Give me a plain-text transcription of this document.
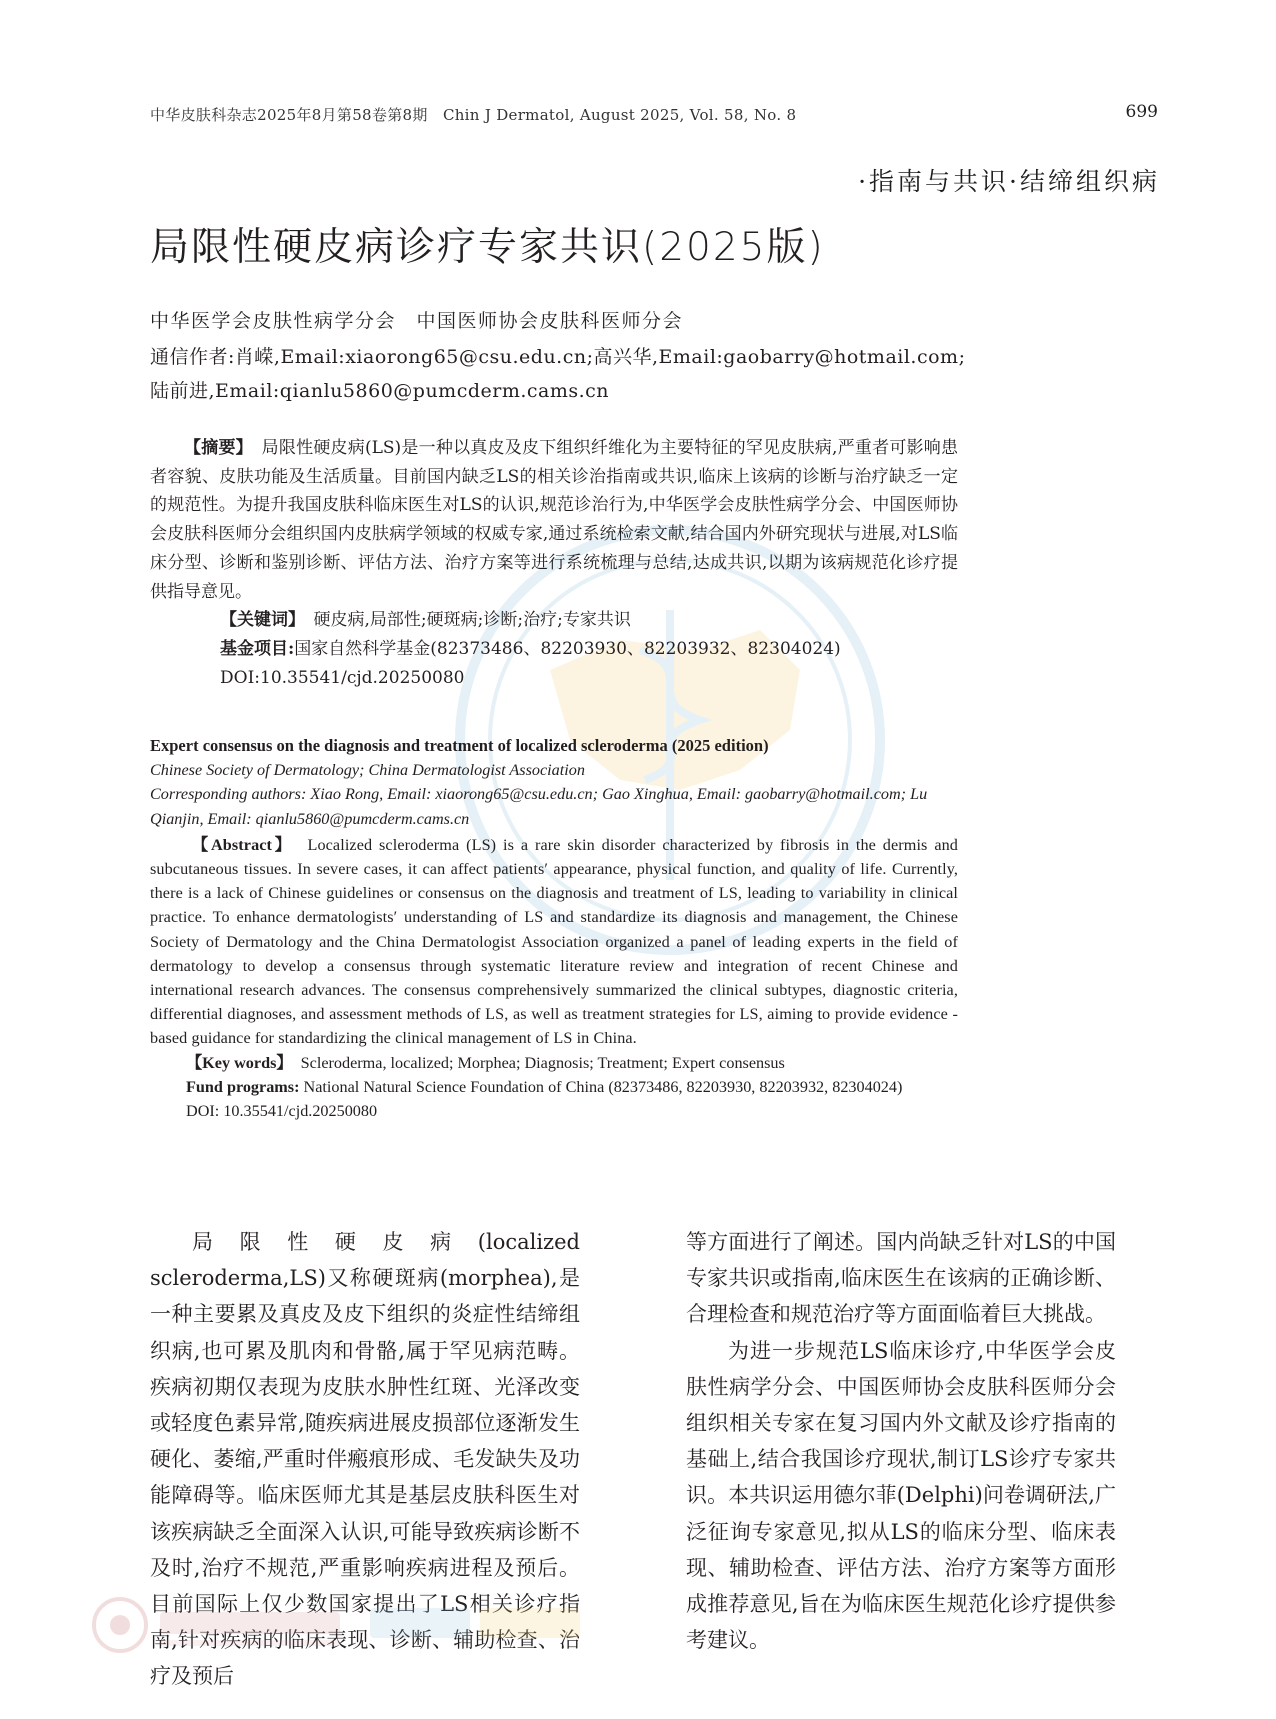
中华皮肤科杂志2025年8月第58卷第8期　Chin J Dermatol, August 2025, Vol. 58, No. 8	699
·指南与共识·结缔组织病
局限性硬皮病诊疗专家共识(2025版)
中华医学会皮肤性病学分会　中国医师协会皮肤科医师分会
通信作者:肖嵘,Email:xiaorong65@csu.edu.cn;高兴华,Email:gaobarry@hotmail.com;
陆前进,Email:qianlu5860@pumcderm.cams.cn

【摘要】　 局限性硬皮病(LS)是一种以真皮及皮下组织纤维化为主要特征的罕见皮肤病,严重者可影响患者容貌、皮肤功能及生活质量。目前国内缺乏LS的相关诊治指南或共识,临床上该病的诊断与治疗缺乏一定的规范性。为提升我国皮肤科临床医生对LS的认识,规范诊治行为,中华医学会皮肤性病学分会、中国医师协会皮肤科医师分会组织国内皮肤病学领域的权威专家,通过系统检索文献,结合国内外研究现状与进展,对LS临床分型、诊断和鉴别诊断、评估方法、治疗方案等进行系统梳理与总结,达成共识,以期为该病规范化诊疗提供指导意见。

【关键词】　 硬皮病,局部性;硬斑病;诊断;治疗;专家共识

基金项目:国家自然科学基金(82373486、82203930、82203932、82304024)

DOI:10.35541/cjd.20250080

Expert consensus on the diagnosis and treatment of localized scleroderma (2025 edition)

Chinese Society of Dermatology; China Dermatologist Association

Corresponding authors: Xiao Rong, Email: xiaorong65@csu.edu.cn; Gao Xinghua, Email: gaobarry@hotmail.com; Lu Qianjin, Email: qianlu5860@pumcderm.cams.cn

【Abstract】 Localized scleroderma (LS) is a rare skin disorder characterized by fibrosis in the dermis and subcutaneous tissues. In severe cases, it can affect patients′ appearance, physical function, and quality of life. Currently, there is a lack of Chinese guidelines or consensus on the diagnosis and treatment of LS, leading to variability in clinical practice. To enhance dermatologists′ understanding of LS and standardize its diagnosis and management, the Chinese Society of Dermatology and the China Dermatologist Association organized a panel of leading experts in the field of dermatology to develop a consensus through systematic literature review and integration of recent Chinese and international research advances. The consensus comprehensively summarized the clinical subtypes, diagnostic criteria, differential diagnoses, and assessment methods of LS, as well as treatment strategies for LS, aiming to provide evidence - based guidance for standardizing the clinical management of LS in China.

【Key words】 Scleroderma, localized; Morphea; Diagnosis; Treatment; Expert consensus

Fund programs: National Natural Science Foundation of China (82373486, 82203930, 82203932, 82304024)

DOI: 10.35541/cjd.20250080

局限性硬皮病(localized scleroderma,LS)又称硬斑病(morphea),是一种主要累及真皮及皮下组织的炎症性结缔组织病,也可累及肌肉和骨骼,属于罕见病范畴。疾病初期仅表现为皮肤水肿性红斑、光泽改变或轻度色素异常,随疾病进展皮损部位逐渐发生硬化、萎缩,严重时伴瘢痕形成、毛发缺失及功能障碍等。临床医师尤其是基层皮肤科医生对该疾病缺乏全面深入认识,可能导致疾病诊断不及时,治疗不规范,严重影响疾病进程及预后。目前国际上仅少数国家提出了LS相关诊疗指南,针对疾病的临床表现、诊断、辅助检查、治疗及预后

等方面进行了阐述。国内尚缺乏针对LS的中国专家共识或指南,临床医生在该病的正确诊断、合理检查和规范治疗等方面面临着巨大挑战。

为进一步规范LS临床诊疗,中华医学会皮肤性病学分会、中国医师协会皮肤科医师分会组织相关专家在复习国内外文献及诊疗指南的基础上,结合我国诊疗现状,制订LS诊疗专家共识。本共识运用德尔菲(Delphi)问卷调研法,广泛征询专家意见,拟从LS的临床分型、临床表现、辅助检查、评估方法、治疗方案等方面形成推荐意见,旨在为临床医生规范化诊疗提供参考建议。
